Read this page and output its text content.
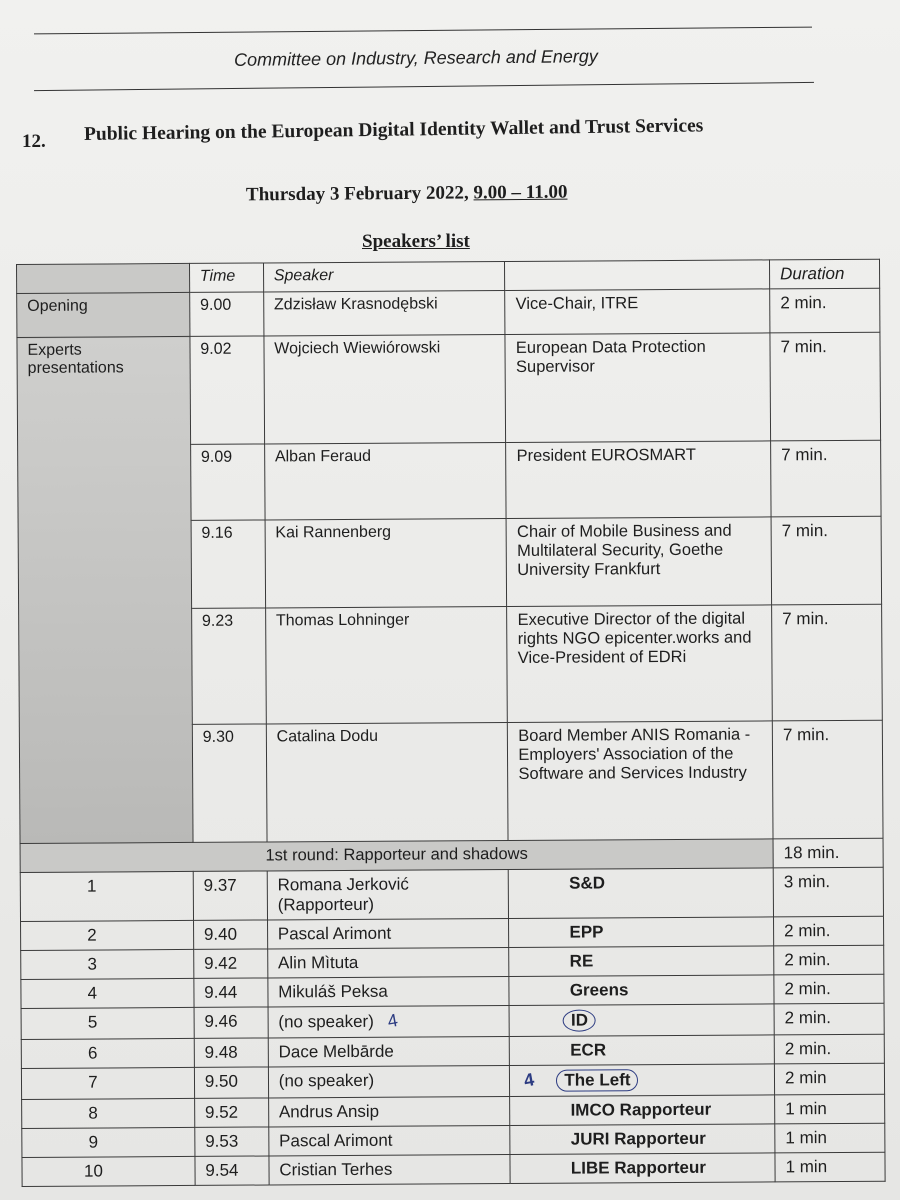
Committee on Industry, Research and Energy
12. Public Hearing on the European Digital Identity Wallet and Trust Services
Thursday 3 February 2022, 9.00 – 11.00
Speakers’ list
	Time	Speaker		Duration
Opening	9.00	Zdzisław Krasnodębski	Vice-Chair, ITRE	2 min.
Experts presentations	9.02	Wojciech Wiewiórowski	European Data Protection Supervisor	7 min.
	9.09	Alban Feraud	President EUROSMART	7 min.
	9.16	Kai Rannenberg	Chair of Mobile Business and Multilateral Security, Goethe University Frankfurt	7 min.
	9.23	Thomas Lohninger	Executive Director of the digital rights NGO epicenter.works and Vice-President of EDRi	7 min.
	9.30	Catalina Dodu	Board Member ANIS Romania - Employers' Association of the Software and Services Industry	7 min.
1st round: Rapporteur and shadows				18 min.
1	9.37	Romana Jerković (Rapporteur)	S&D	3 min.
2	9.40	Pascal Arimont	EPP	2 min.
3	9.42	Alin Mìtuta	RE	2 min.
4	9.44	Mikuláš Peksa	Greens	2 min.
5	9.46	(no speaker) 4	ID	2 min.
6	9.48	Dace Melbārde	ECR	2 min.
7	9.50	(no speaker)	4 The Left	2 min
8	9.52	Andrus Ansip	IMCO Rapporteur	1 min
9	9.53	Pascal Arimont	JURI Rapporteur	1 min
10	9.54	Cristian Terhes	LIBE Rapporteur	1 min
